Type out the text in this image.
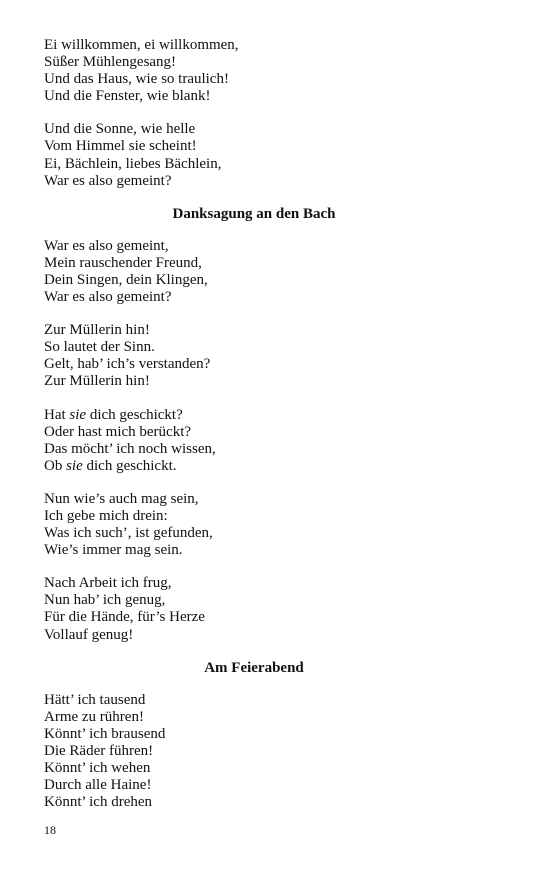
Ei willkommen, ei willkommen,
Süßer Mühlengesang!
Und das Haus, wie so traulich!
Und die Fenster, wie blank!
Und die Sonne, wie helle
Vom Himmel sie scheint!
Ei, Bächlein, liebes Bächlein,
War es also gemeint?
Danksagung an den Bach
War es also gemeint,
Mein rauschender Freund,
Dein Singen, dein Klingen,
War es also gemeint?
Zur Müllerin hin!
So lautet der Sinn.
Gelt, hab’ ich’s verstanden?
Zur Müllerin hin!
Hat sie dich geschickt?
Oder hast mich berückt?
Das möcht’ ich noch wissen,
Ob sie dich geschickt.
Nun wie’s auch mag sein,
Ich gebe mich drein:
Was ich such’, ist gefunden,
Wie’s immer mag sein.
Nach Arbeit ich frug,
Nun hab’ ich genug,
Für die Hände, für’s Herze
Vollauf genug!
Am Feierabend
Hätt’ ich tausend
Arme zu rühren!
Könnt’ ich brausend
Die Räder führen!
Könnt’ ich wehen
Durch alle Haine!
Könnt’ ich drehen
18
